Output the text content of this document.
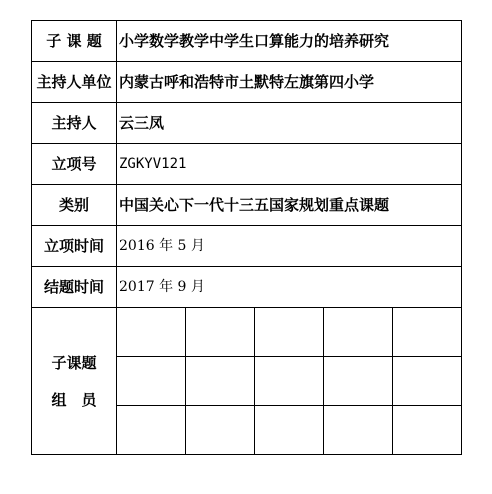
子 课 题	小学数学教学中学生口算能力的培养研究				
主持人单位	内蒙古呼和浩特市土默特左旗第四小学				
主持人	云三凤				
立项号	ZGKYV121				
类别	中国关心下一代十三五国家规划重点课题				
立项时间	2016 年 5 月				
结题时间	2017 年 9 月				

子课题
组　员					
